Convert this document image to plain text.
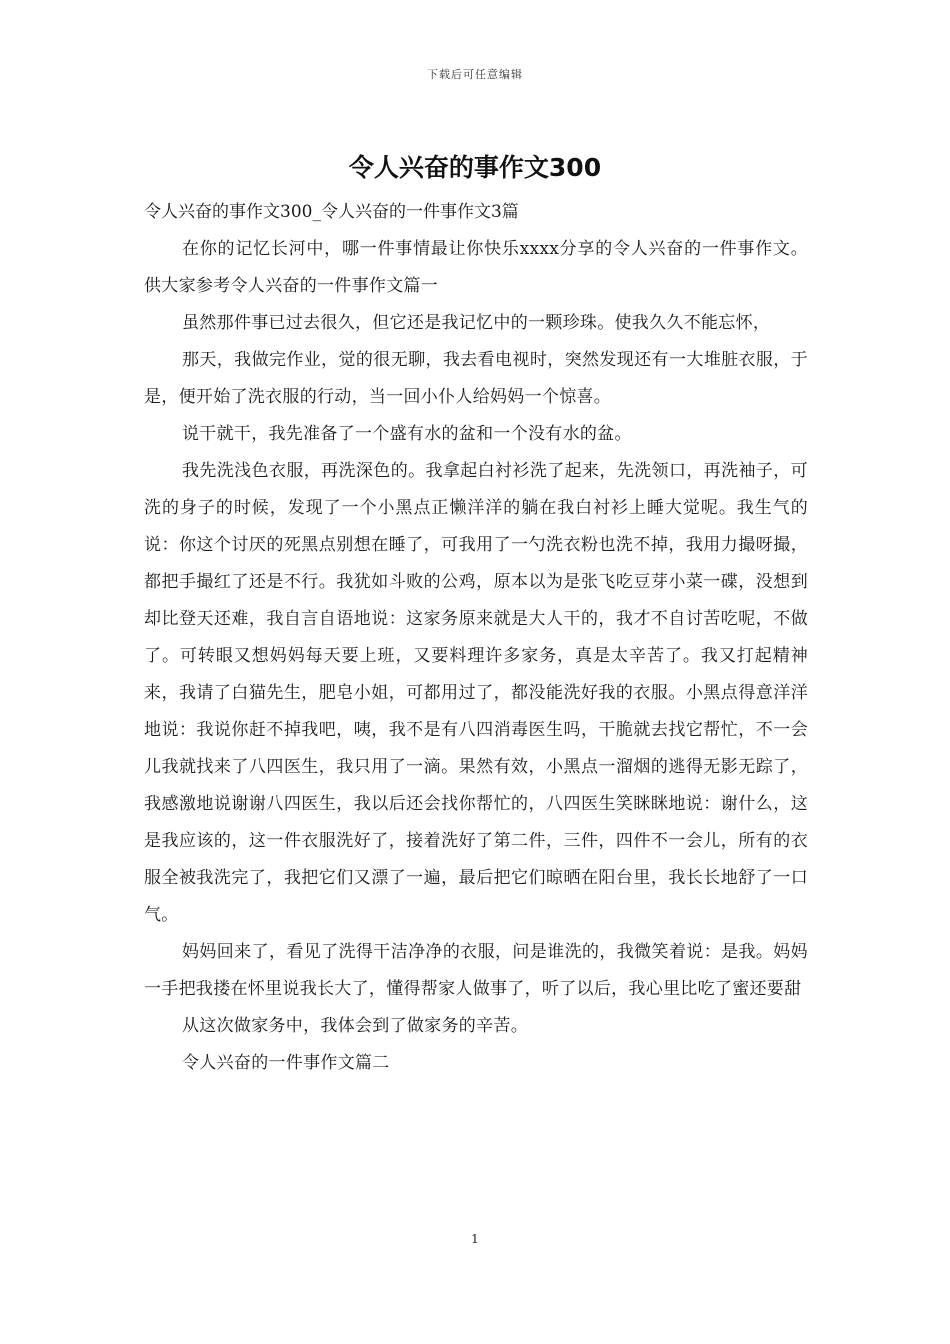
下载后可任意编辑
令人兴奋的事作文300

令人兴奋的事作文300_令人兴奋的一件事作文3篇

在你的记忆长河中，哪一件事情最让你快乐xxxx分享的令人兴奋的一件事作文。供大家参考令人兴奋的一件事作文篇一

虽然那件事已过去很久，但它还是我记忆中的一颗珍珠。使我久久不能忘怀，

那天，我做完作业，觉的很无聊，我去看电视时，突然发现还有一大堆脏衣服，于是，便开始了洗衣服的行动，当一回小仆人给妈妈一个惊喜。

说干就干，我先准备了一个盛有水的盆和一个没有水的盆。

我先洗浅色衣服，再洗深色的。我拿起白衬衫洗了起来，先洗领口，再洗袖子，可洗的身子的时候，发现了一个小黑点正懒洋洋的躺在我白衬衫上睡大觉呢。我生气的说：你这个讨厌的死黑点别想在睡了，可我用了一勺洗衣粉也洗不掉，我用力撮呀撮，都把手撮红了还是不行。我犹如斗败的公鸡，原本以为是张飞吃豆芽小菜一碟，没想到却比登天还难，我自言自语地说：这家务原来就是大人干的，我才不自讨苦吃呢，不做了。可转眼又想妈妈每天要上班，又要料理许多家务，真是太辛苦了。我又打起精神来，我请了白猫先生，肥皂小姐，可都用过了，都没能洗好我的衣服。小黑点得意洋洋地说：我说你赶不掉我吧，咦，我不是有八四消毒医生吗，干脆就去找它帮忙，不一会儿我就找来了八四医生，我只用了一滴。果然有效，小黑点一溜烟的逃得无影无踪了，我感激地说谢谢八四医生，我以后还会找你帮忙的，八四医生笑眯眯地说：谢什么，这是我应该的，这一件衣服洗好了，接着洗好了第二件，三件，四件不一会儿，所有的衣服全被我洗完了，我把它们又漂了一遍，最后把它们晾晒在阳台里，我长长地舒了一口气。

妈妈回来了，看见了洗得干洁净净的衣服，问是谁洗的，我微笑着说：是我。妈妈一手把我搂在怀里说我长大了，懂得帮家人做事了，听了以后，我心里比吃了蜜还要甜

从这次做家务中，我体会到了做家务的辛苦。

令人兴奋的一件事作文篇二

1
